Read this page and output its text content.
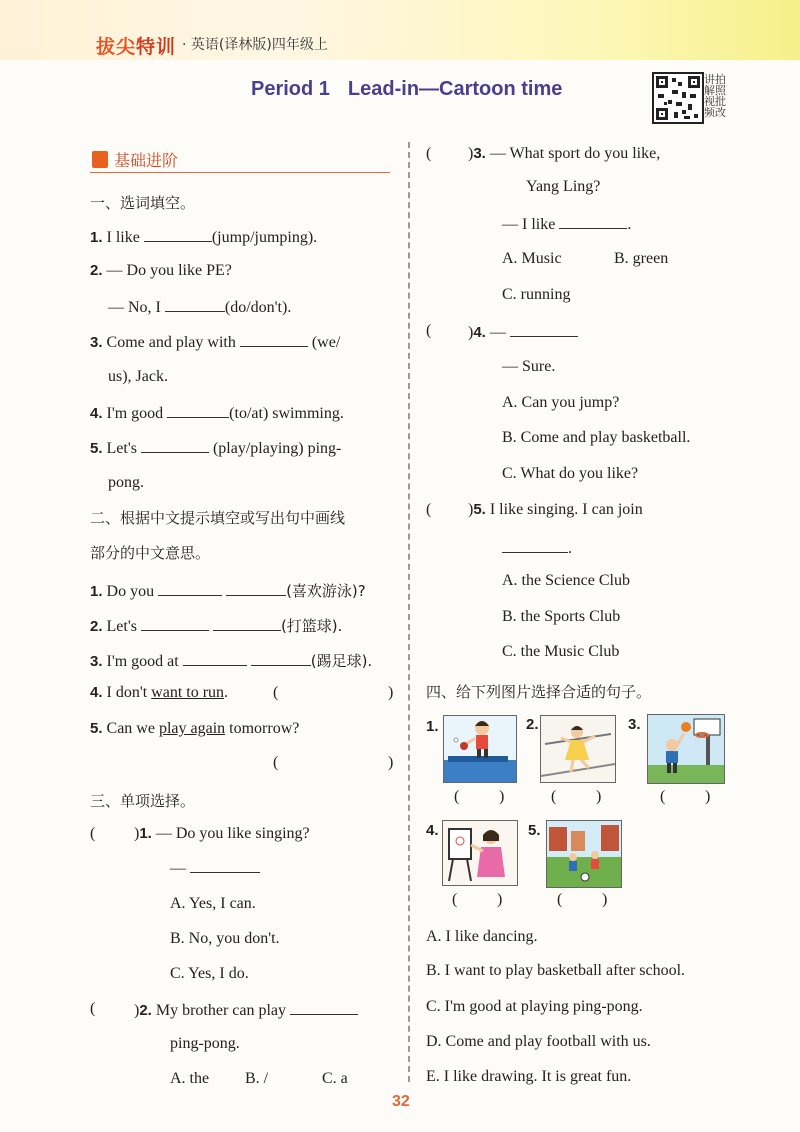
拔尖特训 · 英语(译林版)四年级上
Period 1 Lead-in—Cartoon time	讲拍解照视批频改
基础进阶
一、选词填空。
1. I like	(jump/jumping).
2. — Do you like PE?
— No, I	(do/don't).
3. Come and play with	(we/
us), Jack.
4. I'm good	(to/at) swimming.
5. Let's	(play/playing) ping-
pong.
二、根据中文提示填空或写出句中画线
部分的中文意思。
1. Do you	(喜欢游泳)?
2. Let's	(打篮球).
3. I'm good at	(踢足球).
4. I don't want to run.	(	)
5. Can we play again tomorrow?
(	)
三、单项选择。
( )1. — Do you like singing?
—
A. Yes, I can.
B. No, you don't.
C. Yes, I do.
( )2. My brother can play
ping-pong.
A. the B. /	C. a
( )3. — What sport do you like,
Yang Ling?
— I like	.
A. Music	B. green
C. running
( )4. —
— Sure.
A. Can you jump?
B. Come and play basketball.
C. What do you like?
( )5. I like singing. I can join
.
A. the Science Club
B. the Sports Club
C. the Music Club
四、给下列图片选择合适的句子。
1.
( )
2.
( )
3.
( )
4.
( )
5.
( )
A. I like dancing.
B. I want to play basketball after school.
C. I'm good at playing ping-pong.
D. Come and play football with us.
E. I like drawing. It is great fun.
32
